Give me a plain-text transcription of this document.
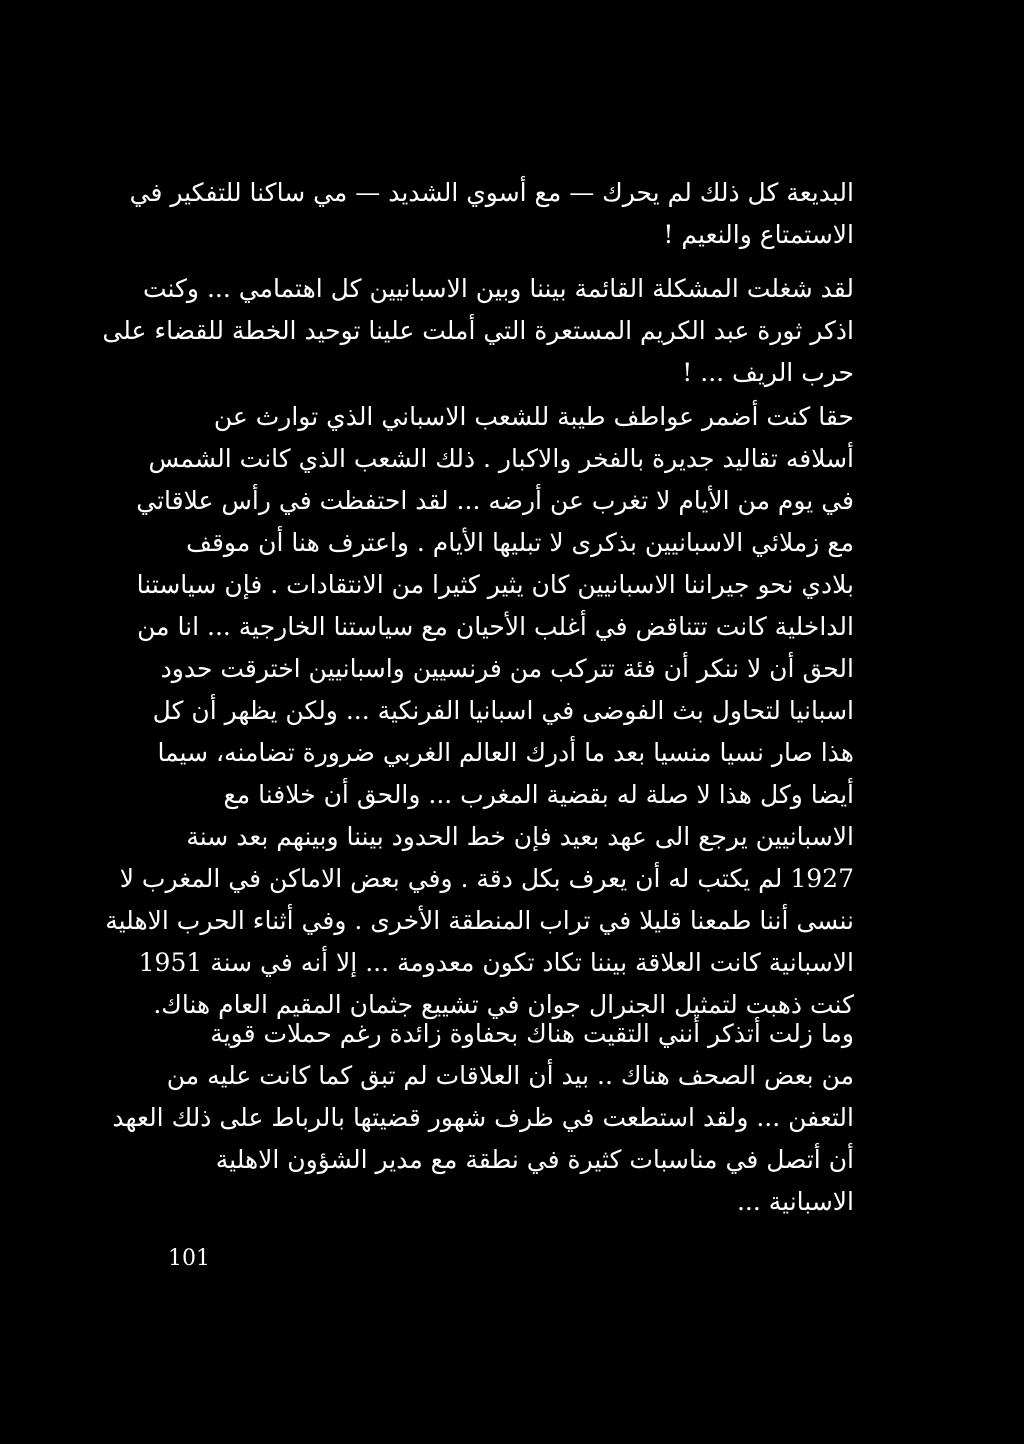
البديعة كل ذلك لم يحرك — مع أسوي الشديد — مي ساكنا للتفكير في
الاستمتاع والنعيم !
لقد شغلت المشكلة القائمة بيننا وبين الاسبانيين كل اهتمامي ... وكنت
اذكر ثورة عبد الكريم المستعرة التي أملت علينا توحيد الخطة للقضاء على
حرب الريف ... !
حقا كنت أضمر عواطف طيبة للشعب الاسباني الذي توارث عن
أسلافه تقاليد جديرة بالفخر والاكبار . ذلك الشعب الذي كانت الشمس
في يوم من الأيام لا تغرب عن أرضه ... لقد احتفظت في رأس علاقاتي
مع زملائي الاسبانيين بذكرى لا تبليها الأيام . واعترف هنا أن موقف
بلادي نحو جيراننا الاسبانيين كان يثير كثيرا من الانتقادات . فإن سياستنا
الداخلية كانت تتناقض في أغلب الأحيان مع سياستنا الخارجية ... انا من
الحق أن لا ننكر أن فئة تتركب من فرنسيين واسبانيين اخترقت حدود
اسبانيا لتحاول بث الفوضى في اسبانيا الفرنكية ... ولكن يظهر أن كل
هذا صار نسيا منسيا بعد ما أدرك العالم الغربي ضرورة تضامنه، سيما
أيضا وكل هذا لا صلة له بقضية المغرب ... والحق أن خلافنا مع
الاسبانيين يرجع الى عهد بعيد فإن خط الحدود بيننا وبينهم بعد سنة
1927 لم يكتب له أن يعرف بكل دقة . وفي بعض الاماكن في المغرب لا
ننسى أننا طمعنا قليلا في تراب المنطقة الأخرى . وفي أثناء الحرب الاهلية
الاسبانية كانت العلاقة بيننا تكاد تكون معدومة ... إلا أنه في سنة 1951
كنت ذهبت لتمثيل الجنرال جوان في تشييع جثمان المقيم العام هناك.
وما زلت أتذكر أنني التقيت هناك بحفاوة زائدة رغم حملات قوية
من بعض الصحف هناك .. بيد أن العلاقات لم تبق كما كانت عليه من
التعفن ... ولقد استطعت في ظرف شهور قضيتها بالرباط على ذلك العهد
أن أتصل في مناسبات كثيرة في نطقة مع مدير الشؤون الاهلية
الاسبانية ...
101
